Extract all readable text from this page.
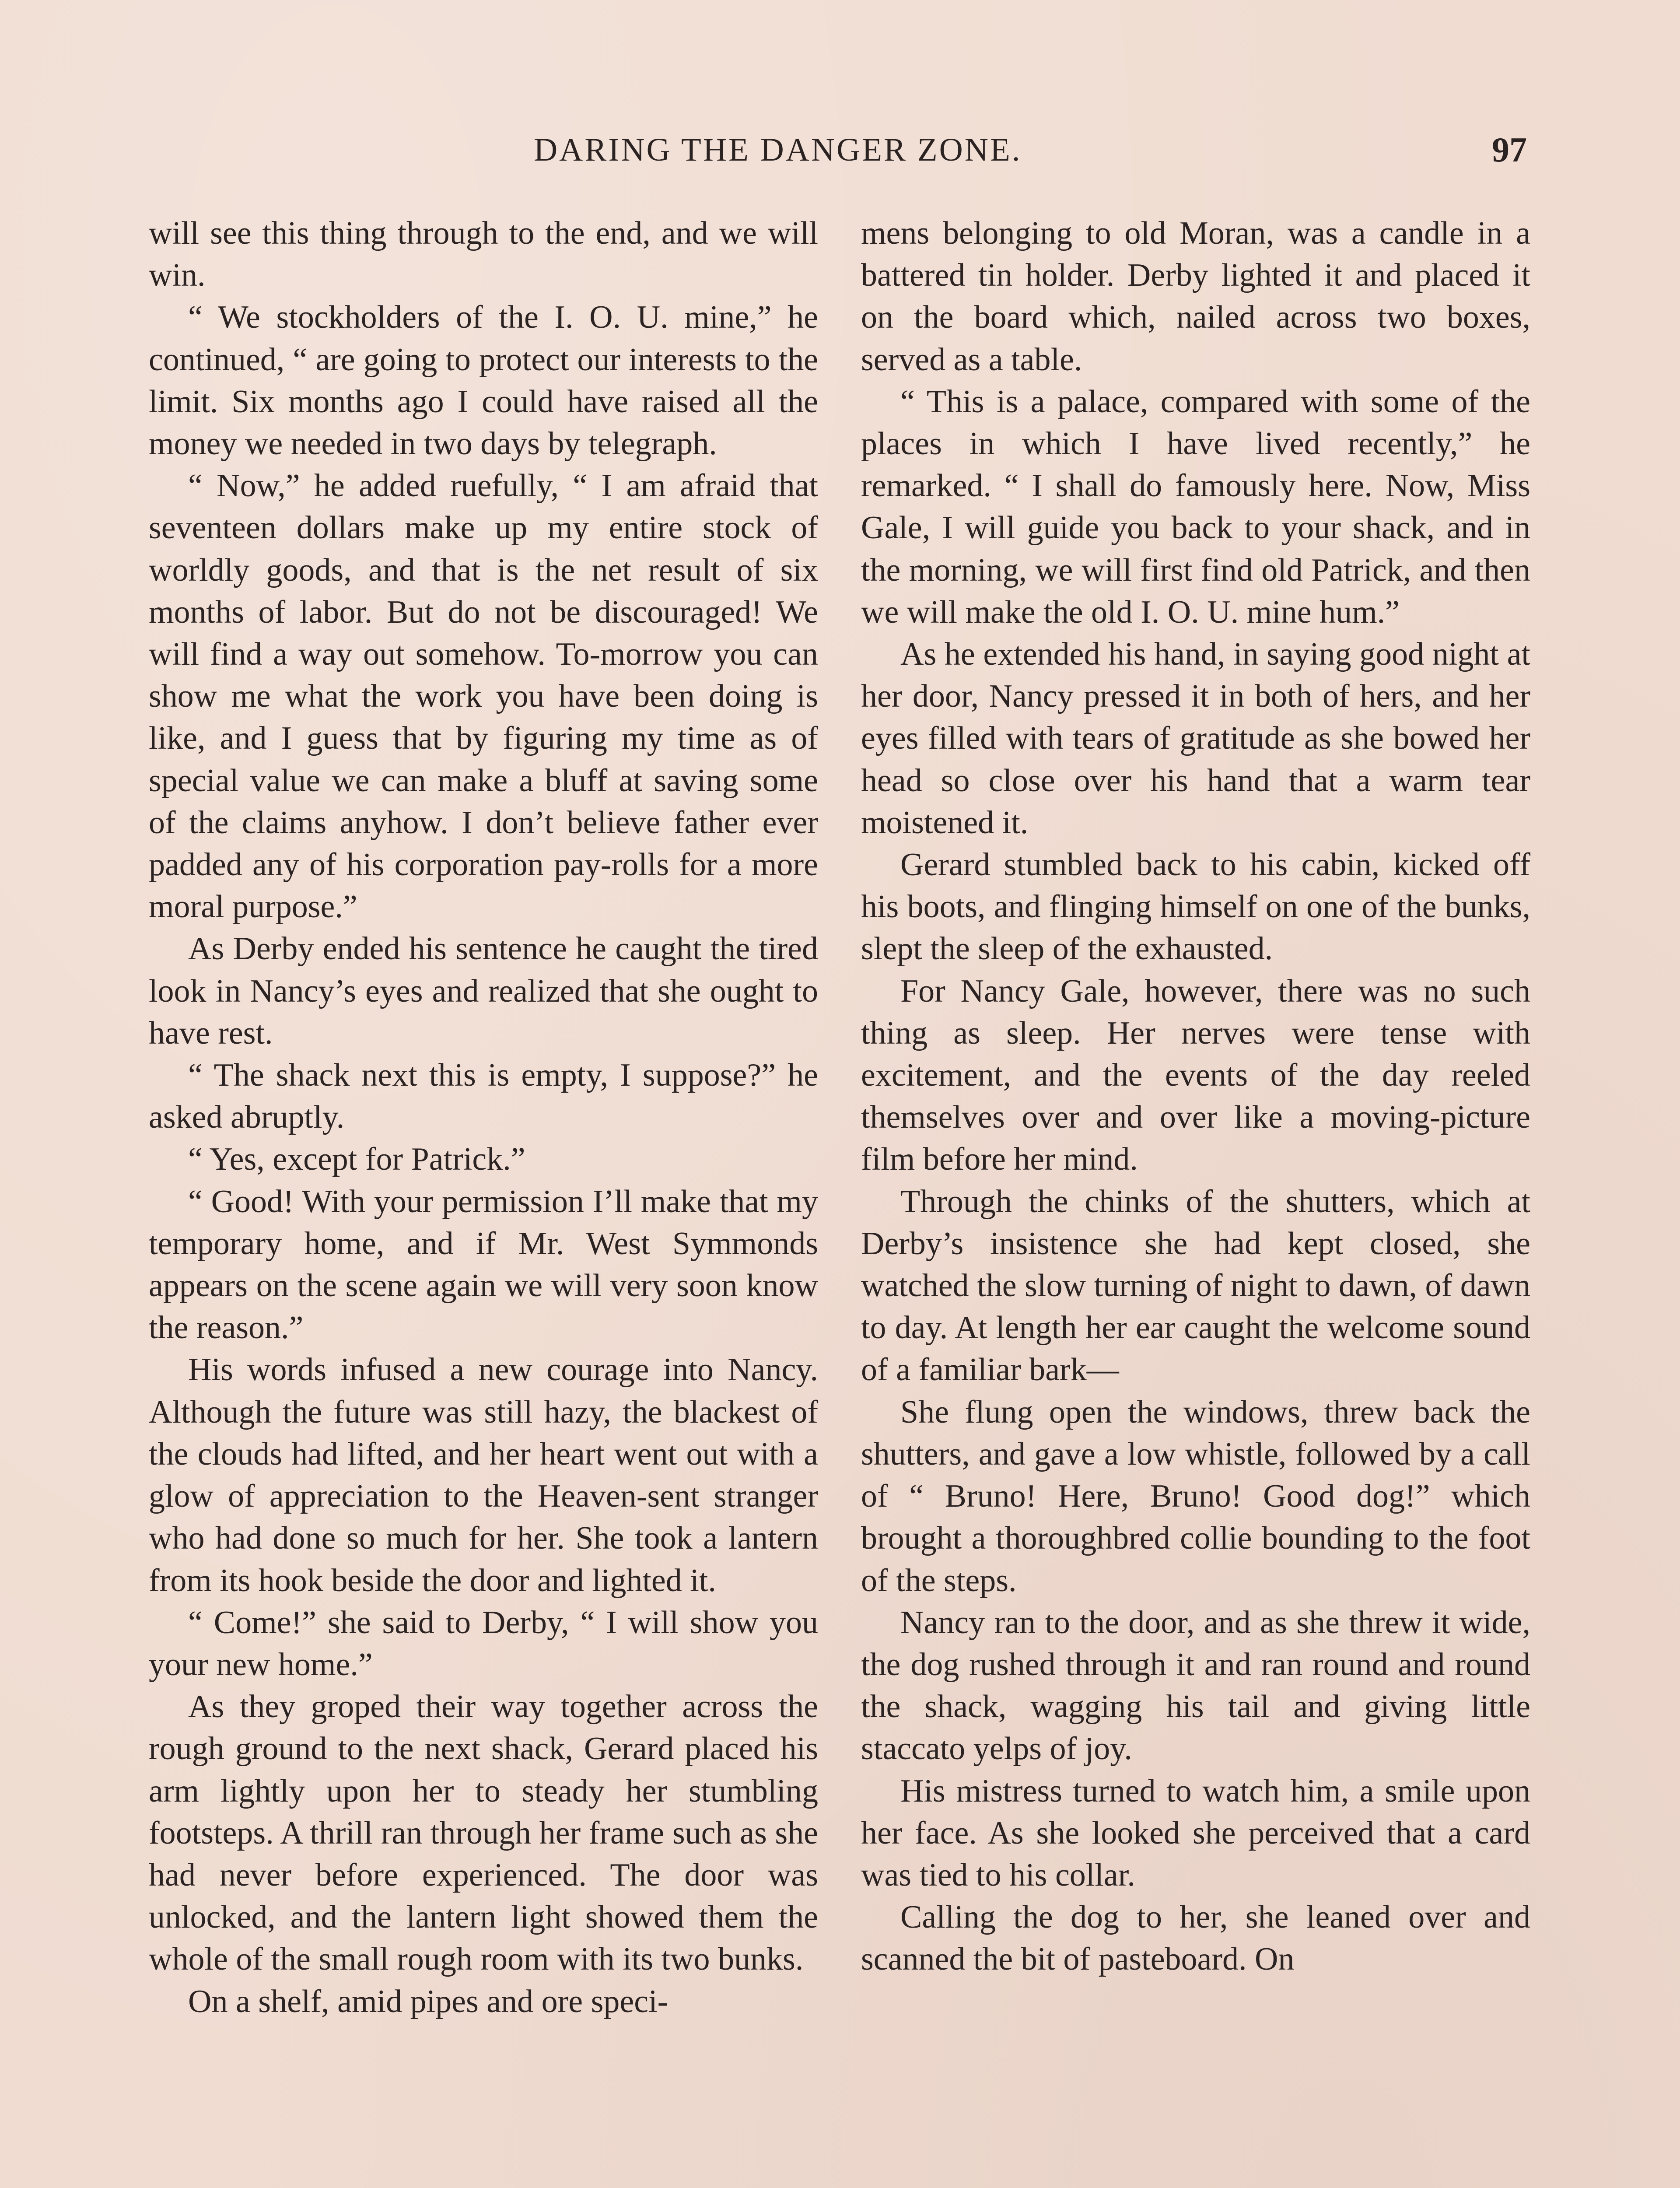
DARING THE DANGER ZONE.	97

will see this thing through to the end, and we will win.

“ We stockholders of the I. O. U. mine,” he continued, “ are going to protect our interests to the limit. Six months ago I could have raised all the money we needed in two days by telegraph.

“ Now,” he added ruefully, “ I am afraid that seventeen dollars make up my entire stock of worldly goods, and that is the net result of six months of labor. But do not be discouraged! We will find a way out somehow. To-morrow you can show me what the work you have been doing is like, and I guess that by figuring my time as of special value we can make a bluff at saving some of the claims anyhow. I don’t believe father ever padded any of his corporation pay-rolls for a more moral purpose.”

As Derby ended his sentence he caught the tired look in Nancy’s eyes and realized that she ought to have rest.

“ The shack next this is empty, I suppose?” he asked abruptly.

“ Yes, except for Patrick.”

“ Good! With your permission I’ll make that my temporary home, and if Mr. West Symmonds appears on the scene again we will very soon know the reason.”

His words infused a new courage into Nancy. Although the future was still hazy, the blackest of the clouds had lifted, and her heart went out with a glow of appreciation to the Heaven-sent stranger who had done so much for her. She took a lantern from its hook beside the door and lighted it.

“ Come!” she said to Derby, “ I will show you your new home.”

As they groped their way together across the rough ground to the next shack, Gerard placed his arm lightly upon her to steady her stumbling footsteps. A thrill ran through her frame such as she had never before experienced. The door was unlocked, and the lantern light showed them the whole of the small rough room with its two bunks.

On a shelf, amid pipes and ore speci-

mens belonging to old Moran, was a candle in a battered tin holder. Derby lighted it and placed it on the board which, nailed across two boxes, served as a table.

“ This is a palace, compared with some of the places in which I have lived recently,” he remarked. “ I shall do famously here. Now, Miss Gale, I will guide you back to your shack, and in the morning, we will first find old Patrick, and then we will make the old I. O. U. mine hum.”

As he extended his hand, in saying good night at her door, Nancy pressed it in both of hers, and her eyes filled with tears of gratitude as she bowed her head so close over his hand that a warm tear moistened it.

Gerard stumbled back to his cabin, kicked off his boots, and flinging himself on one of the bunks, slept the sleep of the exhausted.

For Nancy Gale, however, there was no such thing as sleep. Her nerves were tense with excitement, and the events of the day reeled themselves over and over like a moving-picture film before her mind.

Through the chinks of the shutters, which at Derby’s insistence she had kept closed, she watched the slow turning of night to dawn, of dawn to day. At length her ear caught the welcome sound of a familiar bark—

She flung open the windows, threw back the shutters, and gave a low whistle, followed by a call of “ Bruno! Here, Bruno! Good dog!” which brought a thoroughbred collie bounding to the foot of the steps.

Nancy ran to the door, and as she threw it wide, the dog rushed through it and ran round and round the shack, wagging his tail and giving little staccato yelps of joy.

His mistress turned to watch him, a smile upon her face. As she looked she perceived that a card was tied to his collar.

Calling the dog to her, she leaned over and scanned the bit of pasteboard. On
